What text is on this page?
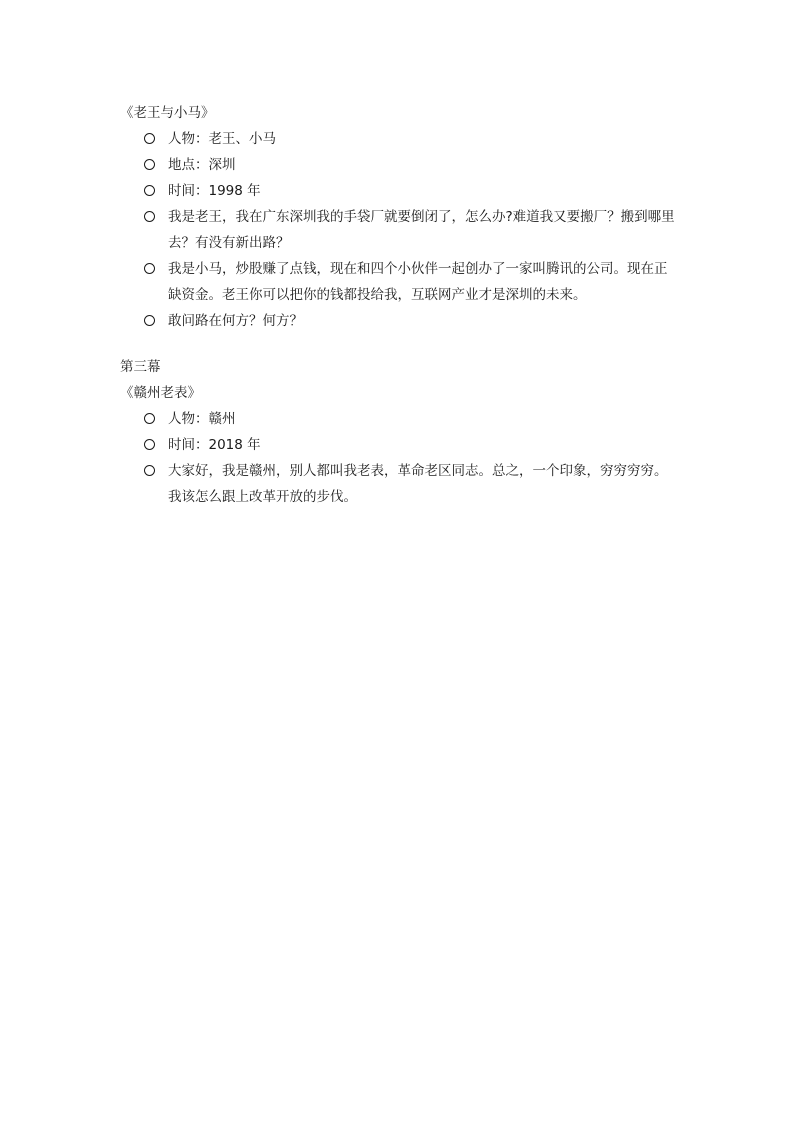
《老王与小马》
人物：老王、小马
地点：深圳
时间：1998 年
我是老王，我在广东深圳我的手袋厂就要倒闭了，怎么办?难道我又要搬厂？搬到哪里去？有没有新出路？
我是小马，炒股赚了点钱，现在和四个小伙伴一起创办了一家叫腾讯的公司。现在正缺资金。老王你可以把你的钱都投给我，互联网产业才是深圳的未来。
敢问路在何方？何方？
第三幕
《赣州老表》
人物：赣州
时间：2018 年
大家好，我是赣州，别人都叫我老表，革命老区同志。总之，一个印象，穷穷穷穷。我该怎么跟上改革开放的步伐。
